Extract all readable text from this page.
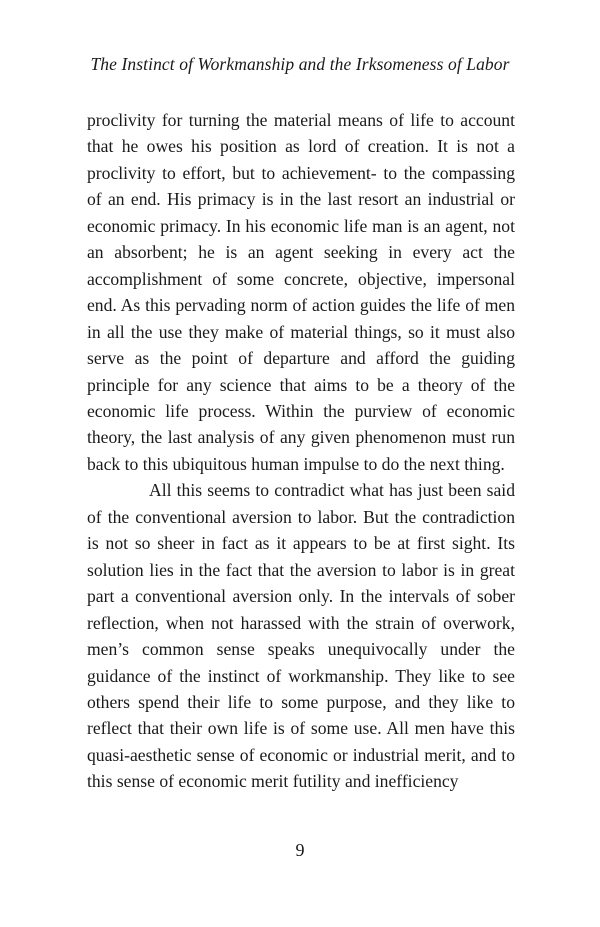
The Instinct of Workmanship and the Irksomeness of Labor

proclivity for turning the material means of life to account that he owes his position as lord of creation. It is not a proclivity to effort, but to achievement- to the compassing of an end. His primacy is in the last resort an industrial or economic primacy. In his economic life man is an agent, not an absorbent; he is an agent seeking in every act the accomplishment of some concrete, objective, impersonal end. As this pervading norm of action guides the life of men in all the use they make of material things, so it must also serve as the point of departure and afford the guiding principle for any science that aims to be a theory of the economic life process. Within the purview of economic theory, the last analysis of any given phenomenon must run back to this ubiquitous human impulse to do the next thing.

All this seems to contradict what has just been said of the conventional aversion to labor. But the contradiction is not so sheer in fact as it appears to be at first sight. Its solution lies in the fact that the aversion to labor is in great part a conventional aversion only. In the intervals of sober reflection, when not harassed with the strain of overwork, men’s common sense speaks unequivocally under the guidance of the instinct of workmanship. They like to see others spend their life to some purpose, and they like to reflect that their own life is of some use. All men have this quasi-aesthetic sense of economic or industrial merit, and to this sense of economic merit futility and inefficiency

9
